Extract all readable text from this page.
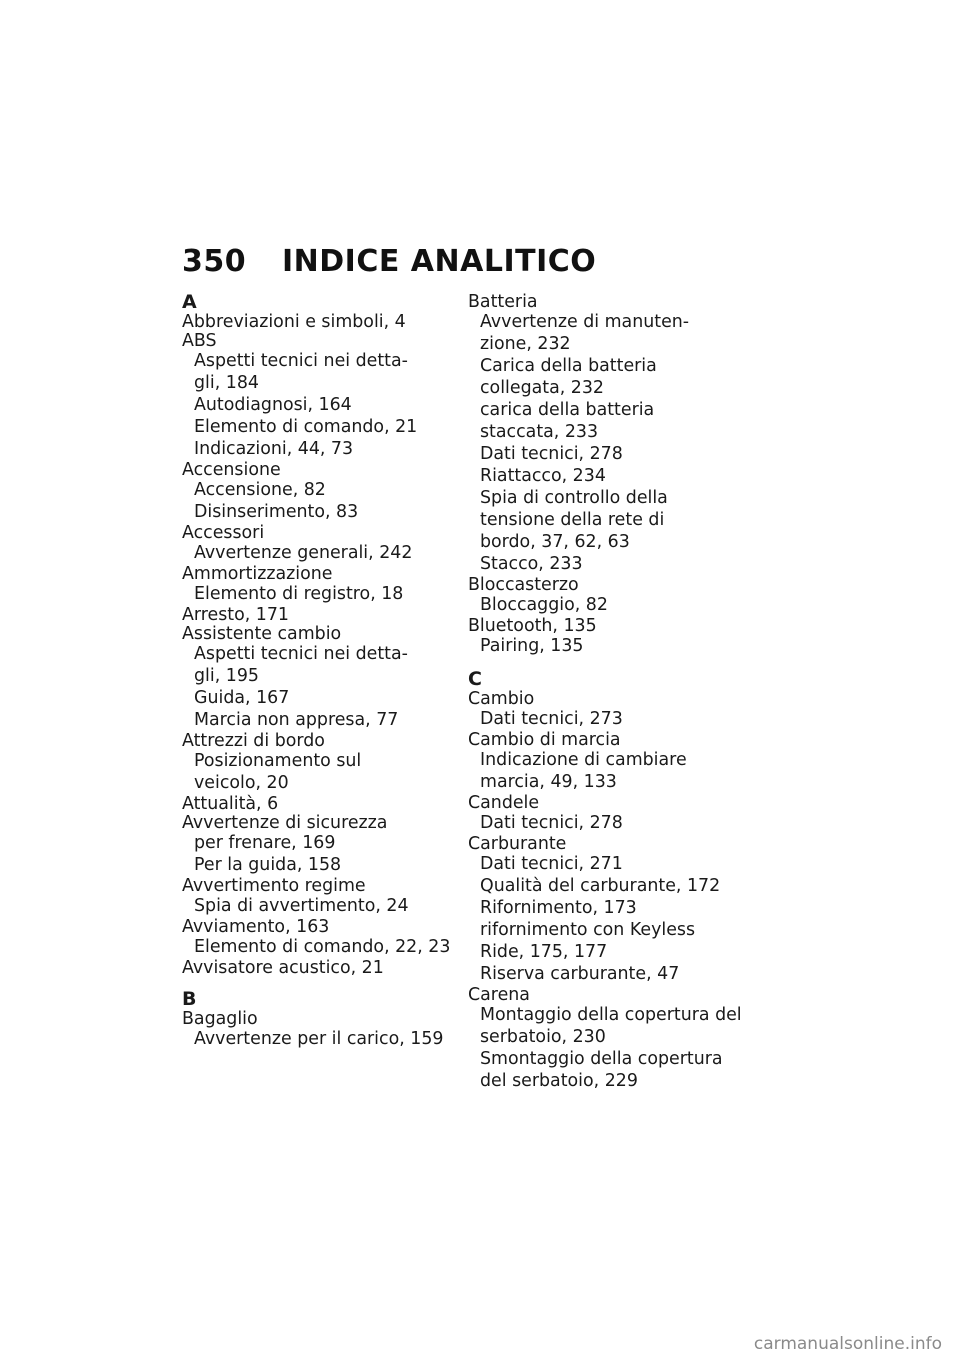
350 INDICE ANALITICO
A
Abbreviazioni e simboli, 4
ABS
Aspetti tecnici nei detta-
gli, 184
Autodiagnosi, 164
Elemento di comando, 21
Indicazioni, 44, 73
Accensione
Accensione, 82
Disinserimento, 83
Accessori
Avvertenze generali, 242
Ammortizzazione
Elemento di registro, 18
Arresto, 171
Assistente cambio
Aspetti tecnici nei detta-
gli, 195
Guida, 167
Marcia non appresa, 77
Attrezzi di bordo
Posizionamento sul
veicolo, 20
Attualità, 6
Avvertenze di sicurezza
per frenare, 169
Per la guida, 158
Avvertimento regime
Spia di avvertimento, 24
Avviamento, 163
Elemento di comando, 22, 23
Avvisatore acustico, 21
B
Bagaglio
Avvertenze per il carico, 159
Batteria
Avvertenze di manuten-
zione, 232
Carica della batteria
collegata, 232
carica della batteria
staccata, 233
Dati tecnici, 278
Riattacco, 234
Spia di controllo della
tensione della rete di
bordo, 37, 62, 63
Stacco, 233
Bloccasterzo
Bloccaggio, 82
Bluetooth, 135
Pairing, 135
C
Cambio
Dati tecnici, 273
Cambio di marcia
Indicazione di cambiare
marcia, 49, 133
Candele
Dati tecnici, 278
Carburante
Dati tecnici, 271
Qualità del carburante, 172
Rifornimento, 173
rifornimento con Keyless
Ride, 175, 177
Riserva carburante, 47
Carena
Montaggio della copertura del
serbatoio, 230
Smontaggio della copertura
del serbatoio, 229
carmanualsonline.info
